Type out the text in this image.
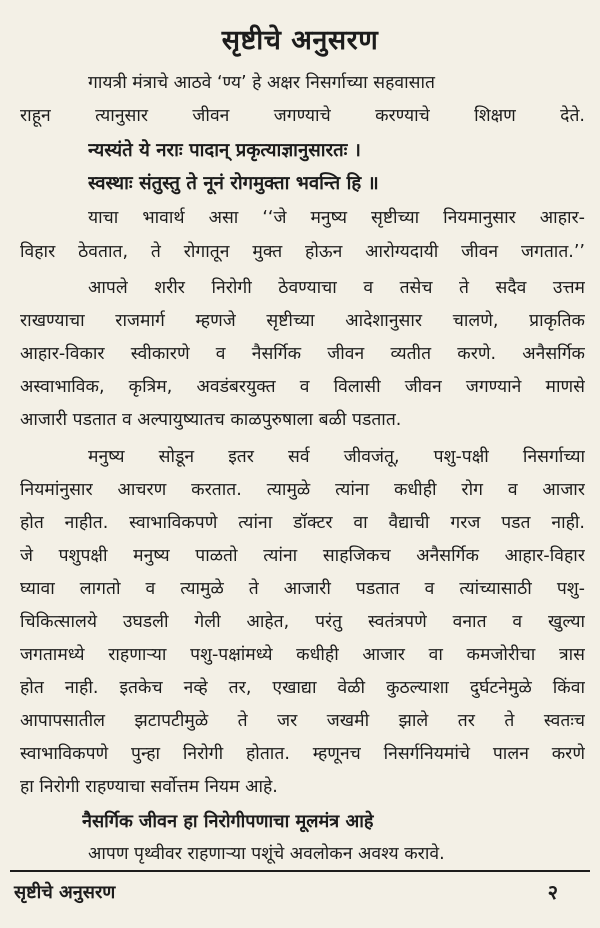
सृष्टीचे अनुसरण
गायत्री मंत्राचे आठवे ‘ण्य’ हे अक्षर निसर्गाच्या सहवासात
राहून त्यानुसार जीवन जगण्याचे करण्याचे शिक्षण देते.
न्यस्यंते ये नराः पादान् प्रकृत्याज्ञानुसारतः ।
स्वस्थाः संतुस्तु ते नूनं रोगमुक्ता भवन्ति हि ॥
याचा भावार्थ असा ‘‘जे मनुष्य सृष्टीच्या नियमानुसार आहार-
विहार ठेवतात, ते रोगातून मुक्त होऊन आरोग्यदायी जीवन जगतात.’’
आपले शरीर निरोगी ठेवण्याचा व तसेच ते सदैव उत्तम
राखण्याचा राजमार्ग म्हणजे सृष्टीच्या आदेशानुसार चालणे, प्राकृतिक
आहार-विकार स्वीकारणे व नैसर्गिक जीवन व्यतीत करणे. अनैसर्गिक
अस्वाभाविक, कृत्रिम, अवडंबरयुक्त व विलासी जीवन जगण्याने माणसे
आजारी पडतात व अल्पायुष्यातच काळपुरुषाला बळी पडतात.
मनुष्य सोडून इतर सर्व जीवजंतू, पशु-पक्षी निसर्गाच्या
नियमांनुसार आचरण करतात. त्यामुळे त्यांना कधीही रोग व आजार
होत नाहीत. स्वाभाविकपणे त्यांना डॉक्टर वा वैद्याची गरज पडत नाही.
जे पशुपक्षी मनुष्य पाळतो त्यांना साहजिकच अनैसर्गिक आहार-विहार
घ्यावा लागतो व त्यामुळे ते आजारी पडतात व त्यांच्यासाठी पशु-
चिकित्सालये उघडली गेली आहेत, परंतु स्वतंत्रपणे वनात व खुल्या
जगतामध्ये राहणाऱ्या पशु-पक्षांमध्ये कधीही आजार वा कमजोरीचा त्रास
होत नाही. इतकेच नव्हे तर, एखाद्या वेळी कुठल्याशा दुर्घटनेमुळे किंवा
आपापसातील झटापटीमुळे ते जर जखमी झाले तर ते स्वतःच
स्वाभाविकपणे पुन्हा निरोगी होतात. म्हणूनच निसर्गनियमांचे पालन करणे
हा निरोगी राहण्याचा सर्वोत्तम नियम आहे.
नैसर्गिक जीवन हा निरोगीपणाचा मूलमंत्र आहे
आपण पृथ्वीवर राहणाऱ्या पशूंचे अवलोकन अवश्य करावे.
सृष्टीचे अनुसरण	२
